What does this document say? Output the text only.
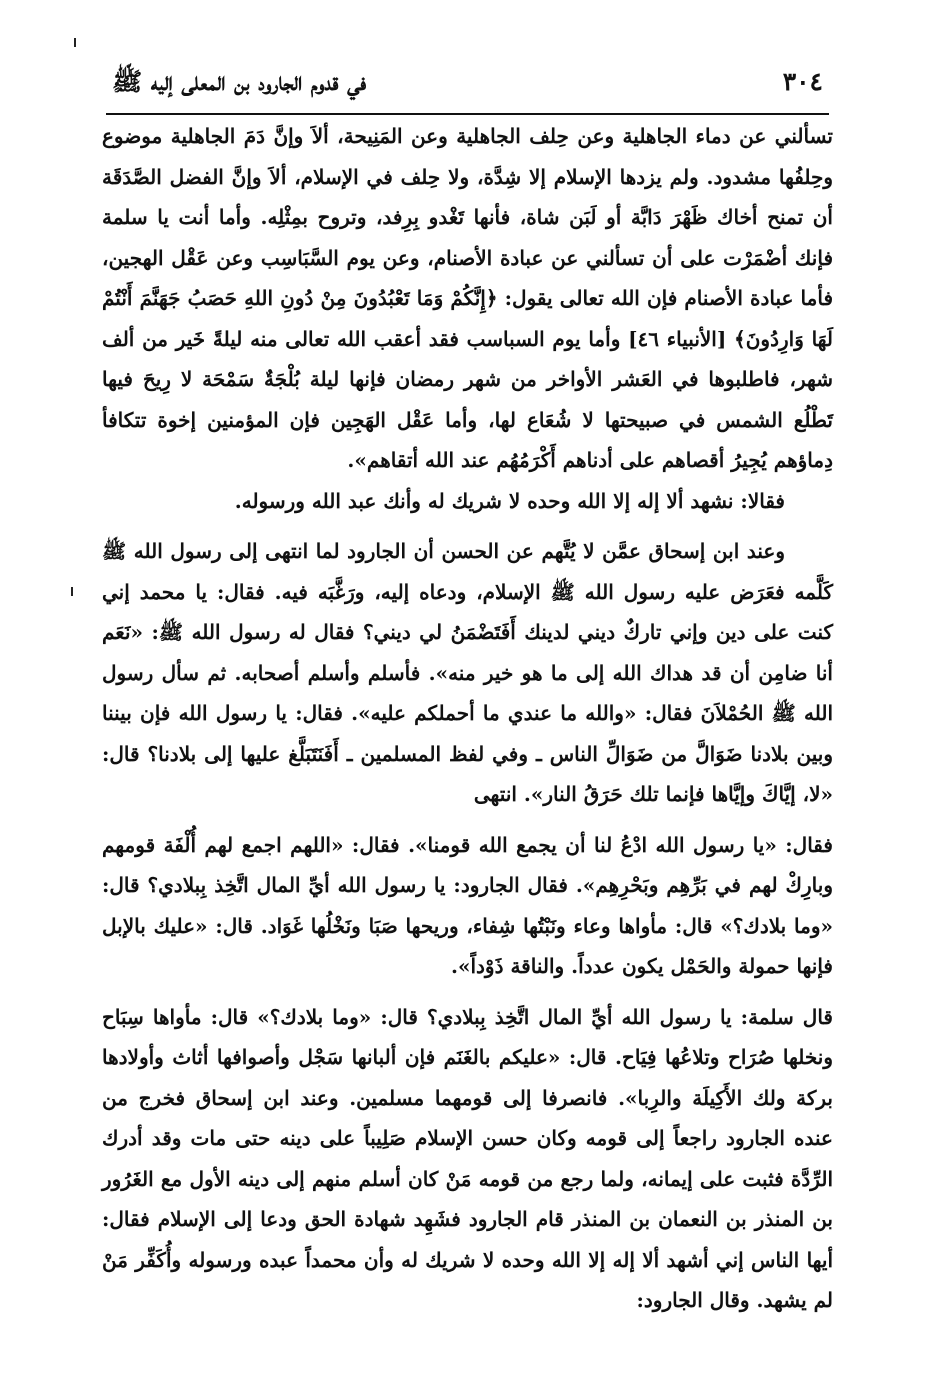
٣٠٤
في قدوم الجارود بن المعلى إليه ﷺ

تسألني عن دماء الجاهلية وعن حِلف الجاهلية وعن المَنِيحة، ألاَ وإنَّ دَمَ الجاهلية موضوع وحِلفُها مشدود. ولم يزدها الإسلام إلا شِدَّة، ولا حِلف في الإسلام، ألاَ وإنَّ الفضل الصَّدَقَة أن تمنح أخاك ظَهْرَ دَابَّة أو لَبَن شاة، فأنها تَغْدو بِرِفد، وتروح بمِثْلِه. وأما أنت يا سلمة فإنك أضْمَرْت على أن تسألني عن عبادة الأصنام، وعن يوم السَّبَاسِب وعن عَقْل الهجين، فأما عبادة الأصنام فإن الله تعالى يقول: ﴿إِنَّكُمْ وَمَا تَعْبُدُونَ مِنْ دُونِ اللهِ حَصَبُ جَهَنَّمَ أَنْتُمْ لَهَا وَارِدُونَ﴾ [الأنبياء ٤٦] وأما يوم السباسب فقد أعقب الله تعالى منه ليلةً خَير من ألف شهر، فاطلبوها في العَشر الأواخر من شهر رمضان فإنها ليلة بُلْجَةٌ سَمْحَة لا رِيحَ فيها تَطْلُع الشمس في صبيحتها لا شُعَاع لها، وأما عَقْل الهَجِين فإن المؤمنين إخوة تتكافأ دِماؤهم يُجِيرُ أقصاهم على أدناهم أَكْرَمُهُم عند الله أتقاهم».

فقالا: نشهد ألا إله إلا الله وحده لا شريك له وأنك عبد الله ورسوله.

وعند ابن إسحاق عمَّن لا يُتَّهم عن الحسن أن الجارود لما انتهى إلى رسول الله ﷺ كَلَّمه فعَرَض عليه رسول الله ﷺ الإسلام، ودعاه إليه، ورَغَّبَه فيه. فقال: يا محمد إني كنت على دين وإني تاركٌ ديني لدينك أَفَتَضْمَنُ لي ديني؟ فقال له رسول الله ﷺ: «نَعَم أنا ضامِن أن قد هداك الله إلى ما هو خير منه». فأسلم وأسلم أصحابه. ثم سأل رسول الله ﷺ الحُمْلاَنَ فقال: «والله ما عندي ما أحملكم عليه». فقال: يا رسول الله فإن بيننا وبين بلادنا ضَوَالَّ من ضَوَالِّ الناس ـ وفي لفظ المسلمين ـ أَفَنَتَبَلَّغ عليها إلى بلادنا؟ قال: «لا، إيَّاكَ وإيَّاها فإنما تلك حَرَقُ النار». انتهى

فقال: «يا رسول الله ادْعُ لنا أن يجمع الله قومنا». فقال: «اللهم اجمع لهم أُلْفَة قومهم وبارِكْ لهم في بَرِّهِم وبَحْرِهِم». فقال الجارود: يا رسول الله أيِّ المال اتَّخِذ بِبلادي؟ قال: «وما بلادك؟» قال: مأواها وعاء ونَبْتُها شِفاء، وريحها صَبَا ونَخْلُها غَوَاد. قال: «عليك بالإبل فإنها حمولة والحَمْل يكون عدداً. والناقة ذَوْداً».

قال سلمة: يا رسول الله أيِّ المال اتَّخِذ بِبلادي؟ قال: «وما بلادك؟» قال: مأواها سِبَاح ونخلها صُرَاح وتلاعُها فِيَاح. قال: «عليكم بالغَنَم فإن ألبانها سَجْل وأصوافها أثاث وأولادها بركة ولك الأَكِيلَة والرِبا». فانصرفا إلى قومهما مسلمين. وعند ابن إسحاق فخرج من عنده الجارود راجعاً إلى قومه وكان حسن الإسلام صَلِيباً على دينه حتى مات وقد أدرك الرِّدَّة فثبت على إيمانه، ولما رجع من قومه مَنْ كان أسلم منهم إلى دينه الأول مع الغَرُور بن المنذر بن النعمان بن المنذر قام الجارود فشَهِد شهادة الحق ودعا إلى الإسلام فقال: أيها الناس إني أشهد ألا إله إلا الله وحده لا شريك له وأن محمداً عبده ورسوله وأُكَفِّر مَنْ لم يشهد. وقال الجارود:
